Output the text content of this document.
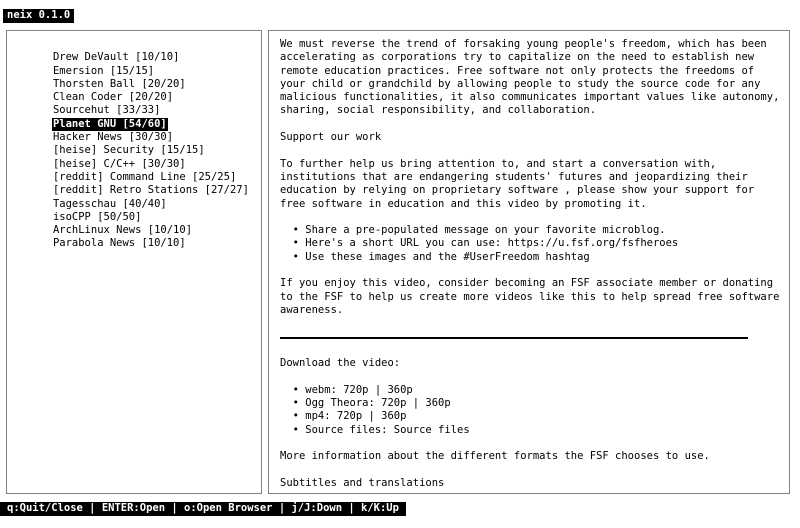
neix 0.1.0

Drew DeVault [10/10]

Emersion [15/15]

Thorsten Ball [20/20]

Clean Coder [20/20]

Sourcehut [33/33]

Planet GNU [54/60]

Hacker News [30/30]

[heise] Security [15/15]

[heise] C/C++ [30/30]

[reddit] Command Line [25/25]

[reddit] Retro Stations [27/27]

Tagesschau [40/40]

isoCPP [50/50]

ArchLinux News [10/10]

Parabola News [10/10]

We must reverse the trend of forsaking young people's freedom, which has been
accelerating as corporations try to capitalize on the need to establish new
remote education practices. Free software not only protects the freedoms of
your child or grandchild by allowing people to study the source code for any
malicious functionalities, it also communicates important values like autonomy,
sharing, social responsibility, and collaboration.
Support our work
To further help us bring attention to, and start a conversation with,
institutions that are endangering students' futures and jeopardizing their
education by relying on proprietary software , please show your support for
free software in education and this video by promoting it.
• Share a pre-populated message on your favorite microblog.
• Here's a short URL you can use: https://u.fsf.org/fsfheroes
• Use these images and the #UserFreedom hashtag
If you enjoy this video, consider becoming an FSF associate member or donating
to the FSF to help us create more videos like this to help spread free software
awareness.
Download the video:
• webm: 720p | 360p
• Ogg Theora: 720p | 360p
• mp4: 720p | 360p
• Source files: Source files
More information about the different formats the FSF chooses to use.
Subtitles and translations
q:Quit/Close | ENTER:Open | o:Open Browser | j/J:Down | k/K:Up
